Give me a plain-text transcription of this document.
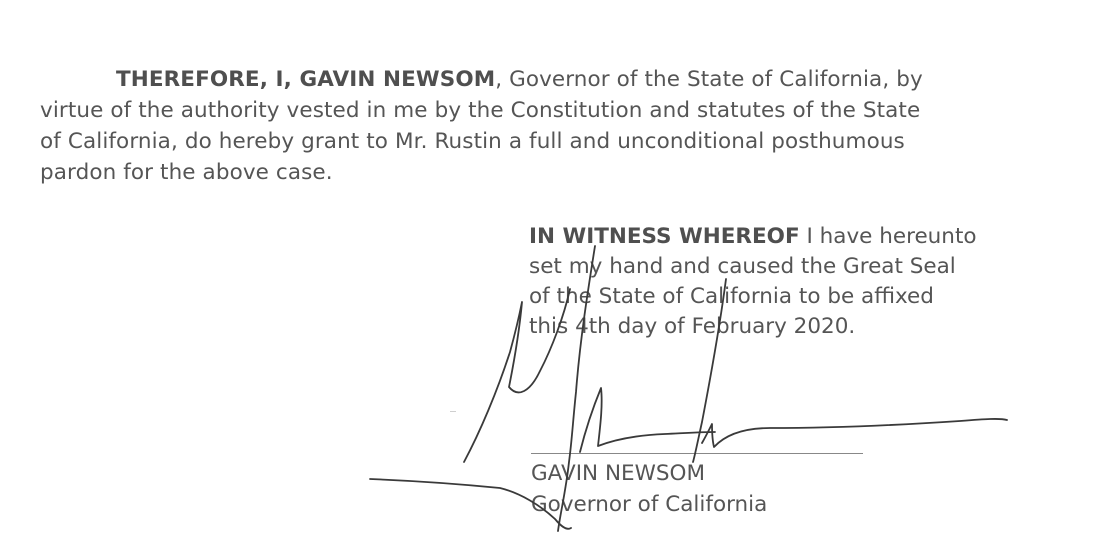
THEREFORE, I, GAVIN NEWSOM, Governor of the State of California, by
virtue of the authority vested in me by the Constitution and statutes of the State
of California, do hereby grant to Mr. Rustin a full and unconditional posthumous
pardon for the above case.
IN WITNESS WHEREOF I have hereunto
set my hand and caused the Great Seal
of the State of California to be affixed
this 4th day of February 2020.
GAVIN NEWSOM
Governor of California
